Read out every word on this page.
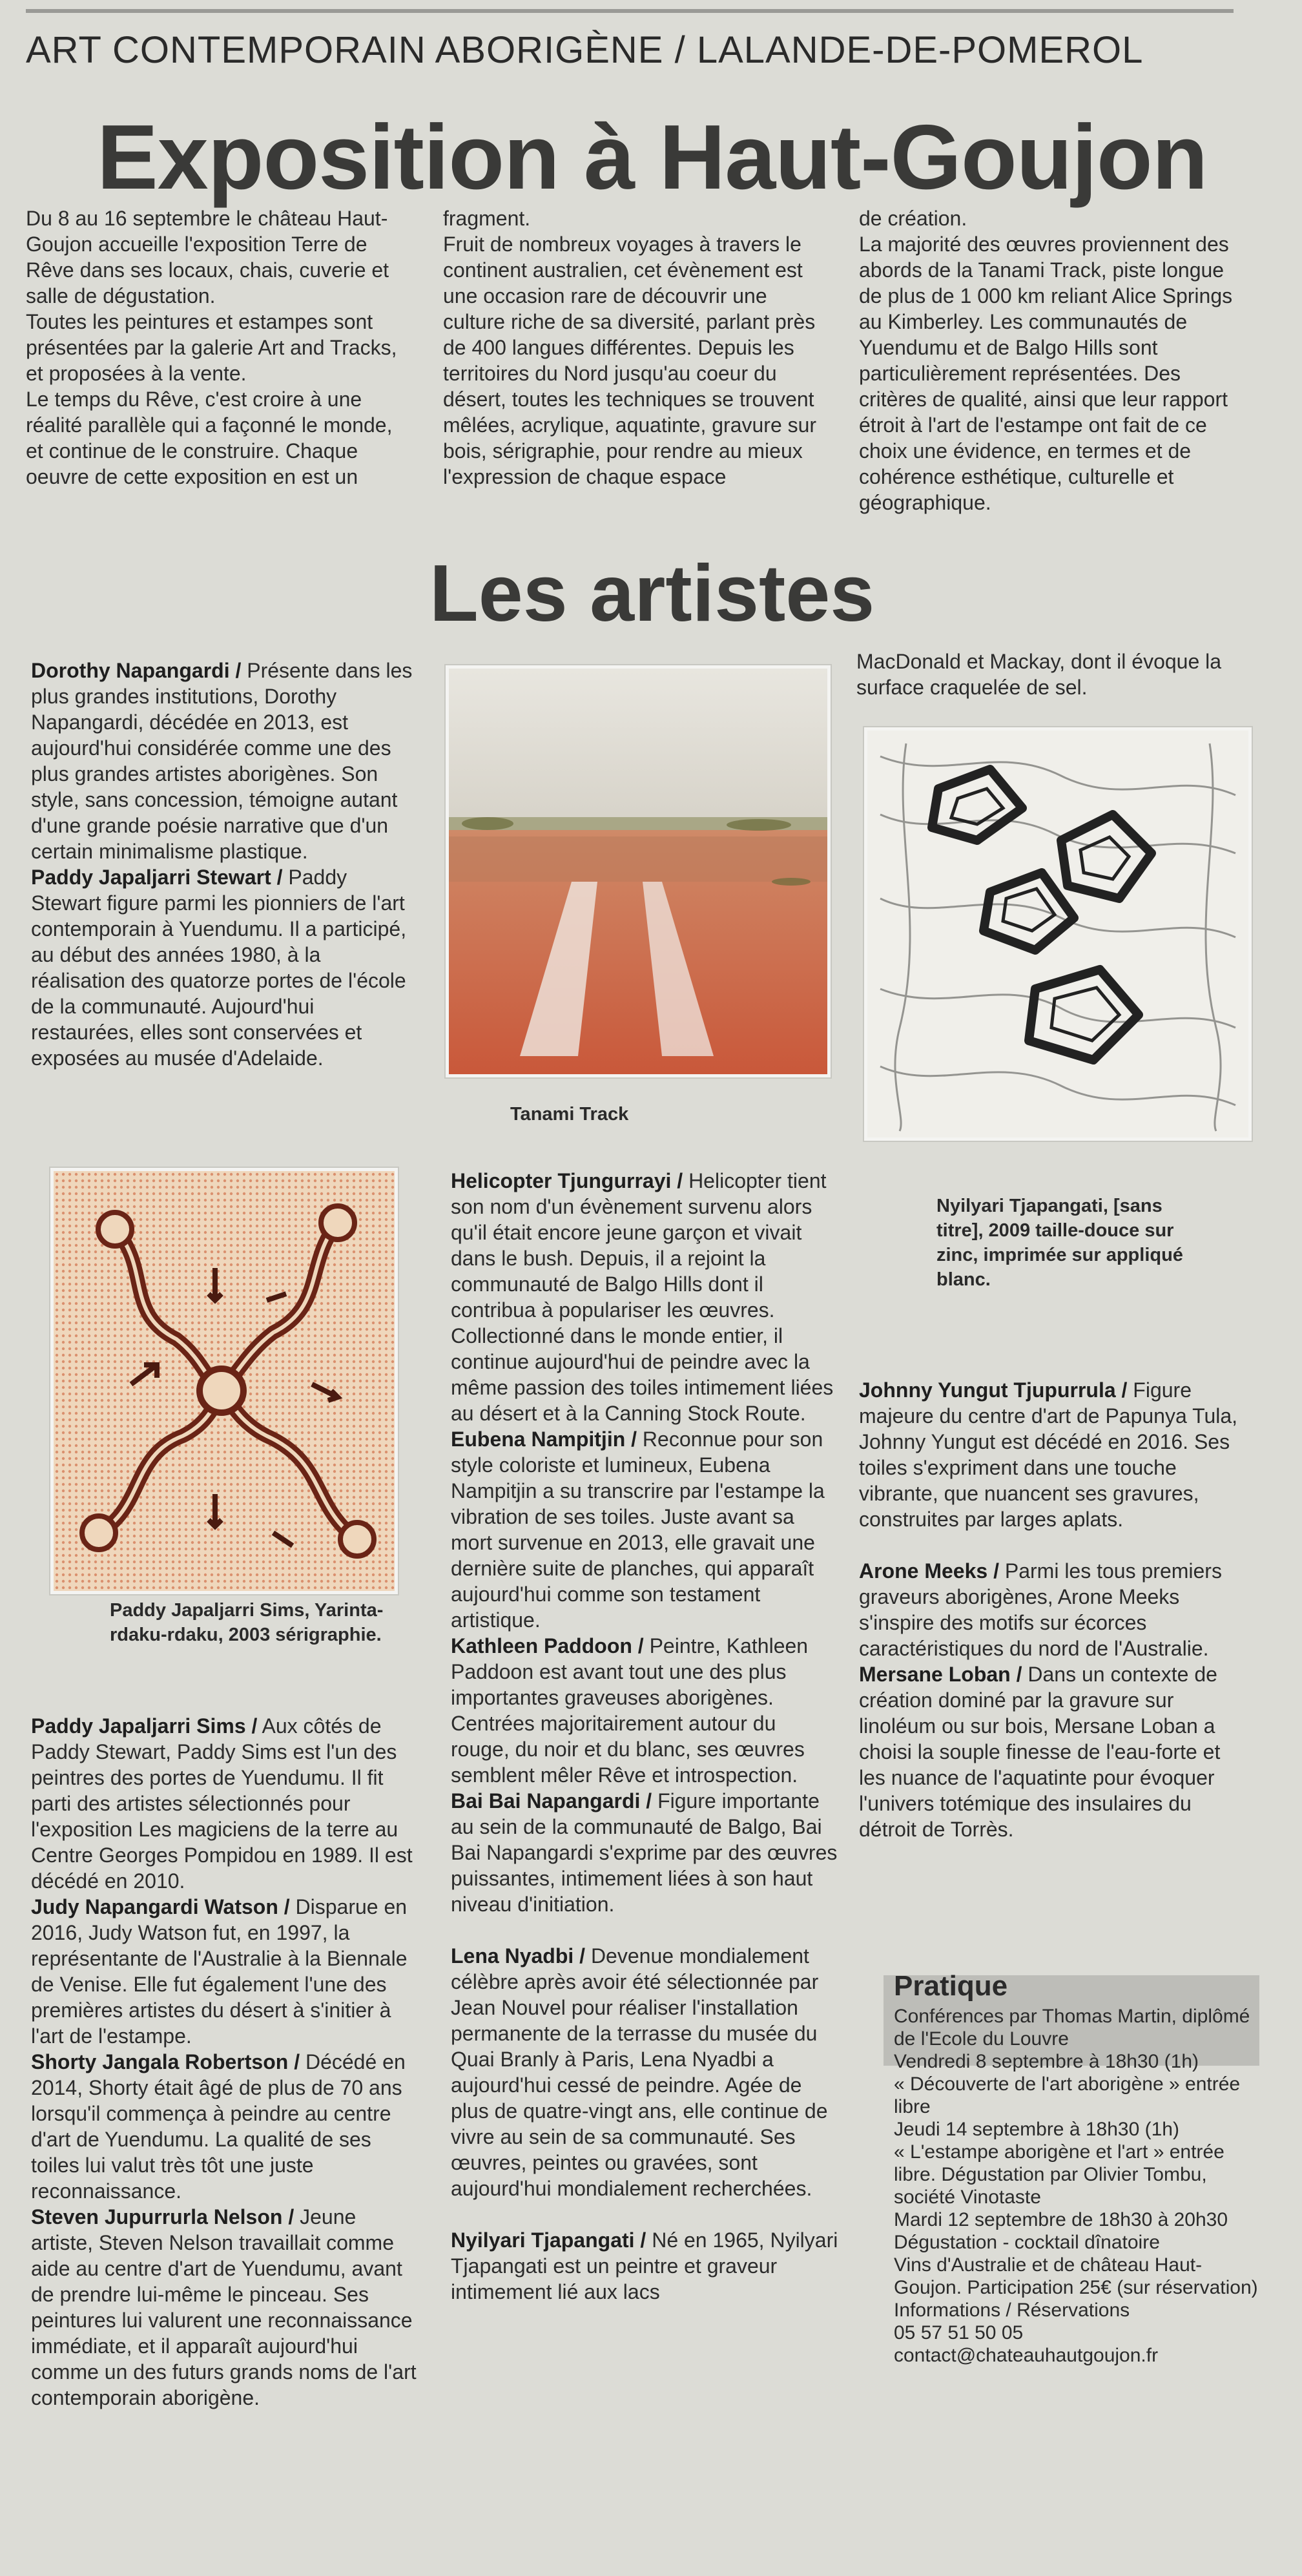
ART CONTEMPORAIN ABORIGÈNE / LALANDE-DE-POMEROL
Exposition à Haut-Goujon

Du 8 au 16 septembre le château Haut-Goujon accueille l'exposition Terre de Rêve dans ses locaux, chais, cuverie et salle de dégustation.

Toutes les peintures et estampes sont présentées par la galerie Art and Tracks, et proposées à la vente.

Le temps du Rêve, c'est croire à une réalité parallèle qui a façonné le monde, et continue de le construire. Chaque oeuvre de cette exposition en est un

fragment.

Fruit de nombreux voyages à travers le continent australien, cet évènement est une occasion rare de découvrir une culture riche de sa diversité, parlant près de 400 langues différentes. Depuis les territoires du Nord jusqu'au coeur du désert, toutes les techniques se trouvent mêlées, acrylique, aquatinte, gravure sur bois, sérigraphie, pour rendre au mieux l'expression de chaque espace

de création.

La majorité des œuvres proviennent des abords de la Tanami Track, piste longue de plus de 1 000 km reliant Alice Springs au Kimberley. Les communautés de Yuendumu et de Balgo Hills sont particulièrement représentées. Des critères de qualité, ainsi que leur rapport étroit à l'art de l'estampe ont fait de ce choix une évidence, en termes et de cohérence esthétique, culturelle et géographique.

Les artistes

Dorothy Napangardi / Présente dans les plus grandes institutions, Dorothy Napangardi, décédée en 2013, est aujourd'hui considérée comme une des plus grandes artistes aborigènes. Son style, sans concession, témoigne autant d'une grande poésie narrative que d'un certain minimalisme plastique.

Paddy Japaljarri Stewart / Paddy Stewart figure parmi les pionniers de l'art contemporain à Yuendumu. Il a participé, au début des années 1980, à la réalisation des quatorze portes de l'école de la communauté. Aujourd'hui restaurées, elles sont conservées et exposées au musée d'Adelaide.

Paddy Japaljarri Sims, Yarinta-rdaku-rdaku, 2003 sérigraphie.

Paddy Japaljarri Sims / Aux côtés de Paddy Stewart, Paddy Sims est l'un des peintres des portes de Yuendumu. Il fit parti des artistes sélectionnés pour l'exposition Les magiciens de la terre au Centre Georges Pompidou en 1989. Il est décédé en 2010.

Judy Napangardi Watson / Disparue en 2016, Judy Watson fut, en 1997, la représentante de l'Australie à la Biennale de Venise. Elle fut également l'une des premières artistes du désert à s'initier à l'art de l'estampe.

Shorty Jangala Robertson / Décédé en 2014, Shorty était âgé de plus de 70 ans lorsqu'il commença à peindre au centre d'art de Yuendumu. La qualité de ses toiles lui valut très tôt une juste reconnaissance.

Steven Jupurrurla Nelson / Jeune artiste, Steven Nelson travaillait comme aide au centre d'art de Yuendumu, avant de prendre lui-même le pinceau. Ses peintures lui valurent une reconnaissance immédiate, et il apparaît aujourd'hui comme un des futurs grands noms de l'art contemporain aborigène.

Tanami Track

Helicopter Tjungurrayi / Helicopter tient son nom d'un évènement survenu alors qu'il était encore jeune garçon et vivait dans le bush. Depuis, il a rejoint la communauté de Balgo Hills dont il contribua à populariser les œuvres. Collectionné dans le monde entier, il continue aujourd'hui de peindre avec la même passion des toiles intimement liées au désert et à la Canning Stock Route.

Eubena Nampitjin / Reconnue pour son style coloriste et lumineux, Eubena Nampitjin a su transcrire par l'estampe la vibration de ses toiles. Juste avant sa mort survenue en 2013, elle gravait une dernière suite de planches, qui apparaît aujourd'hui comme son testament artistique.

Kathleen Paddoon / Peintre, Kathleen Paddoon est avant tout une des plus importantes graveuses aborigènes. Centrées majoritairement autour du rouge, du noir et du blanc, ses œuvres semblent mêler Rêve et introspection.

Bai Bai Napangardi / Figure importante au sein de la communauté de Balgo, Bai Bai Napangardi s'exprime par des œuvres puissantes, intimement liées à son haut niveau d'initiation.

Lena Nyadbi / Devenue mondialement célèbre après avoir été sélectionnée par Jean Nouvel pour réaliser l'installation permanente de la terrasse du musée du Quai Branly à Paris, Lena Nyadbi a aujourd'hui cessé de peindre. Agée de plus de quatre-vingt ans, elle continue de vivre au sein de sa communauté. Ses œuvres, peintes ou gravées, sont aujourd'hui mondialement recherchées.

Nyilyari Tjapangati / Né en 1965, Nyilyari Tjapangati est un peintre et graveur intimement lié aux lacs

MacDonald et Mackay, dont il évoque la surface craquelée de sel.

Nyilyari Tjapangati, [sans titre], 2009 taille-douce sur zinc, imprimée sur appliqué blanc.

Johnny Yungut Tjupurrula / Figure majeure du centre d'art de Papunya Tula, Johnny Yungut est décédé en 2016. Ses toiles s'expriment dans une touche vibrante, que nuancent ses gravures, construites par larges aplats.

Arone Meeks / Parmi les tous premiers graveurs aborigènes, Arone Meeks s'inspire des motifs sur écorces caractéristiques du nord de l'Australie.

Mersane Loban / Dans un contexte de création dominé par la gravure sur linoléum ou sur bois, Mersane Loban a choisi la souple finesse de l'eau-forte et les nuance de l'aquatinte pour évoquer l'univers totémique des insulaires du détroit de Torrès.

Pratique

Conférences par Thomas Martin, diplômé de l'Ecole du Louvre

Vendredi 8 septembre à 18h30 (1h)

« Découverte de l'art aborigène » entrée libre

Jeudi 14 septembre à 18h30 (1h)

« L'estampe aborigène et l'art » entrée libre. Dégustation par Olivier Tombu, société Vinotaste

Mardi 12 septembre de 18h30 à 20h30

Dégustation - cocktail dînatoire

Vins d'Australie et de château Haut-Goujon. Participation 25€ (sur réservation)

Informations / Réservations

05 57 51 50 05

contact@chateauhautgoujon.fr
